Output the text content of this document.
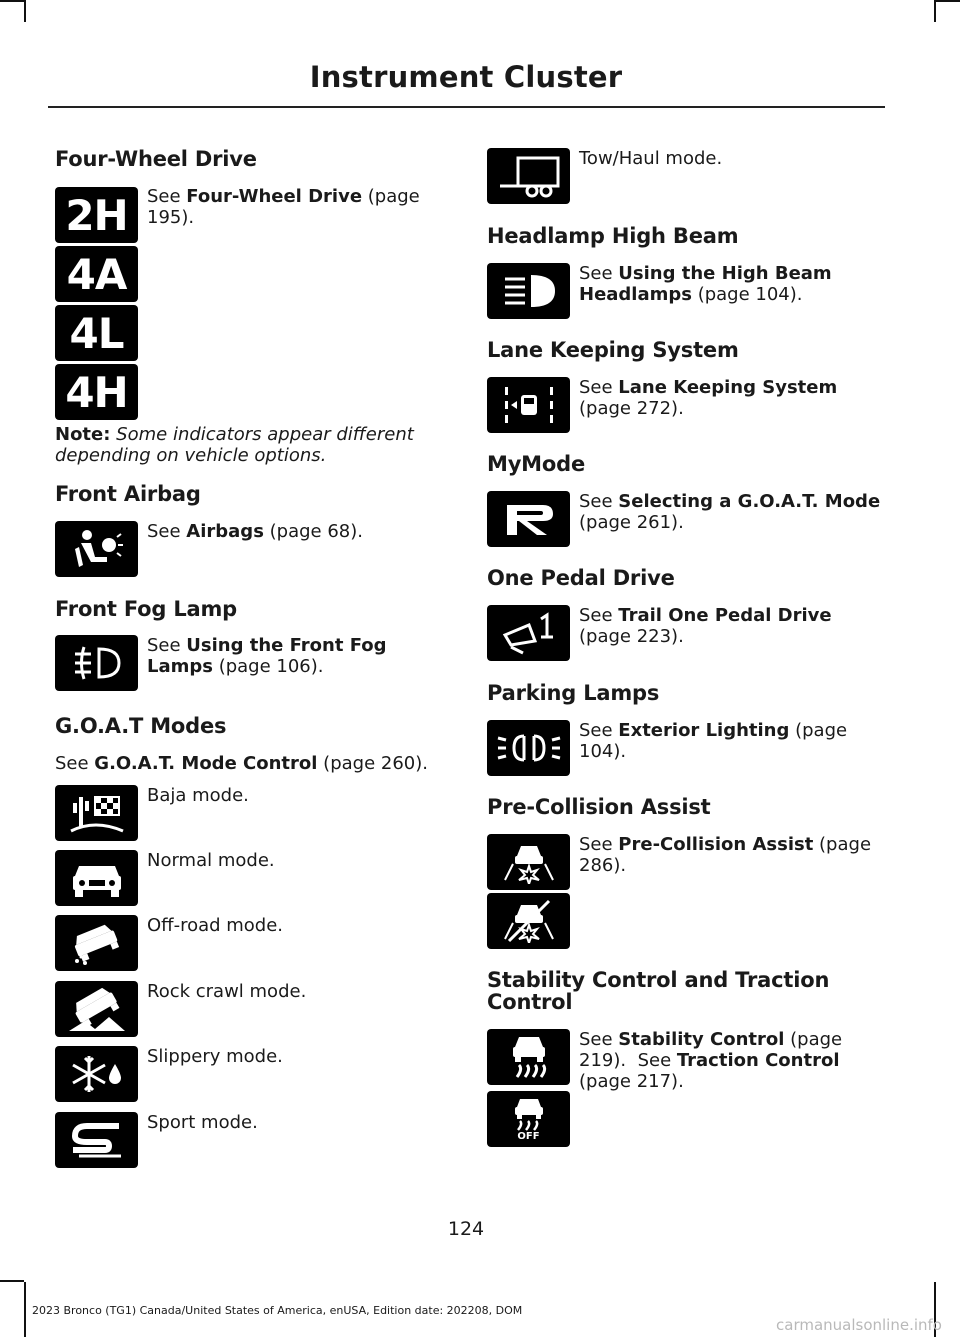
Instrument Cluster
Four-Wheel Drive
See Four-Wheel Drive (page 195).
2H
4A
4L
4H
Note: Some indicators appear different depending on vehicle options.
Front Airbag
See Airbags (page 68).
Front Fog Lamp
See Using the Front Fog Lamps (page 106).
G.O.A.T Modes
See G.O.A.T. Mode Control (page 260).
Baja mode.
Normal mode.
Off-road mode.
Rock crawl mode.
Slippery mode.
Sport mode.
Tow/Haul mode.
Headlamp High Beam
See Using the High Beam Headlamps (page 104).
Lane Keeping System
See Lane Keeping System (page 272).
MyMode
See Selecting a G.O.A.T. Mode (page 261).
One Pedal Drive
See Trail One Pedal Drive (page 223).
Parking Lamps
See Exterior Lighting (page 104).
Pre-Collision Assist
See Pre-Collision Assist (page 286).
Stability Control and Traction
Control
See Stability Control (page 219). See Traction Control (page 217).
OFF
124
2023 Bronco (TG1) Canada/United States of America, enUSA, Edition date: 202208, DOM
carmanualsonline.info
